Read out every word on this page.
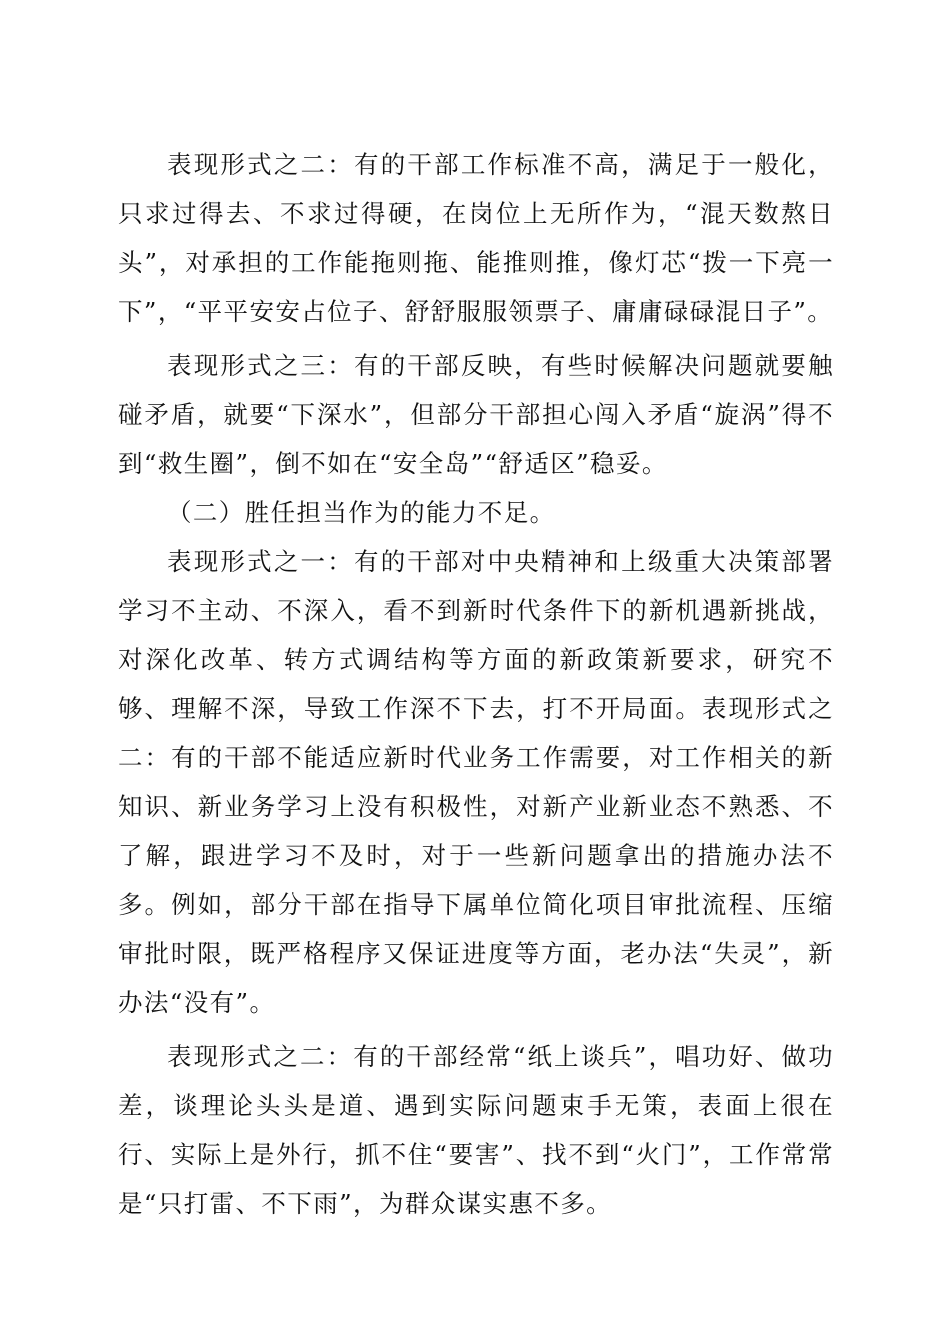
表现形式之二：有的干部工作标准不高，满足于一般化，只求过得去、不求过得硬，在岗位上无所作为，“混天数熬日头”，对承担的工作能拖则拖、能推则推，像灯芯“拨一下亮一下”，“平平安安占位子、舒舒服服领票子、庸庸碌碌混日子”。

表现形式之三：有的干部反映，有些时候解决问题就要触碰矛盾，就要“下深水”，但部分干部担心闯入矛盾“旋涡”得不到“救生圈”，倒不如在“安全岛”“舒适区”稳妥。

（二）胜任担当作为的能力不足。

表现形式之一：有的干部对中央精神和上级重大决策部署学习不主动、不深入，看不到新时代条件下的新机遇新挑战，对深化改革、转方式调结构等方面的新政策新要求，研究不够、理解不深，导致工作深不下去，打不开局面。表现形式之二：有的干部不能适应新时代业务工作需要，对工作相关的新知识、新业务学习上没有积极性，对新产业新业态不熟悉、不了解，跟进学习不及时，对于一些新问题拿出的措施办法不多。例如，部分干部在指导下属单位简化项目审批流程、压缩审批时限，既严格程序又保证进度等方面，老办法“失灵”，新办法“没有”。

表现形式之二：有的干部经常“纸上谈兵”，唱功好、做功差，谈理论头头是道、遇到实际问题束手无策，表面上很在行、实际上是外行，抓不住“要害”、找不到“火门”，工作常常是“只打雷、不下雨”，为群众谋实惠不多。
